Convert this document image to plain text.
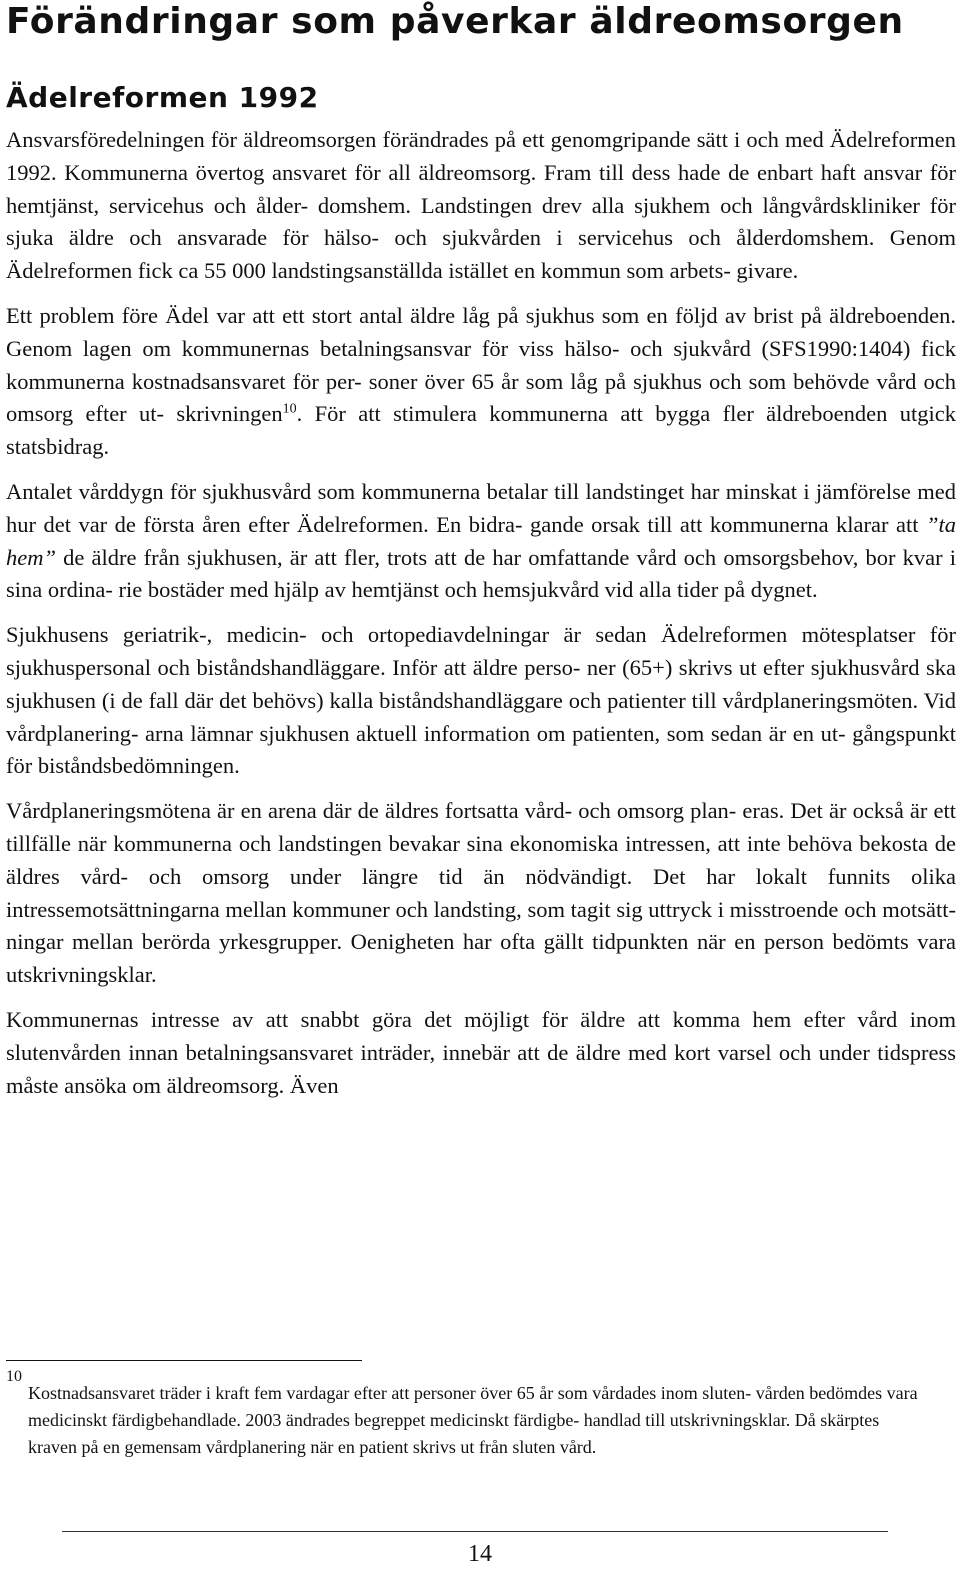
Förändringar som påverkar äldreomsorgen
Ädelreformen 1992

Ansvarsföredelningen för äldreomsorgen förändrades på ett genomgripande sätt i och med Ädelreformen 1992. Kommunerna övertog ansvaret för all äldreomsorg. Fram till dess hade de enbart haft ansvar för hemtjänst, servicehus och ålder- domshem. Landstingen drev alla sjukhem och långvårdskliniker för sjuka äldre och ansvarade för hälso- och sjukvården i servicehus och ålderdomshem. Genom Ädelreformen fick ca 55 000 landstingsanställda istället en kommun som arbets- givare.

Ett problem före Ädel var att ett stort antal äldre låg på sjukhus som en följd av brist på äldreboenden. Genom lagen om kommunernas betalningsansvar för viss hälso- och sjukvård (SFS1990:1404) fick kommunerna kostnadsansvaret för per- soner över 65 år som låg på sjukhus och som behövde vård och omsorg efter ut- skrivningen$^{10}$. För att stimulera kommunerna att bygga fler äldreboenden utgick statsbidrag.

Antalet vårddygn för sjukhusvård som kommunerna betalar till landstinget har minskat i jämförelse med hur det var de första åren efter Ädelreformen. En bidra- gande orsak till att kommunerna klarar att ”ta hem” de äldre från sjukhusen, är att fler, trots att de har omfattande vård och omsorgsbehov, bor kvar i sina ordina- rie bostäder med hjälp av hemtjänst och hemsjukvård vid alla tider på dygnet.

Sjukhusens geriatrik-, medicin- och ortopediavdelningar är sedan Ädelreformen mötesplatser för sjukhuspersonal och biståndshandläggare. Inför att äldre perso- ner (65+) skrivs ut efter sjukhusvård ska sjukhusen (i de fall där det behövs) kalla biståndshandläggare och patienter till vårdplaneringsmöten. Vid vårdplanering- arna lämnar sjukhusen aktuell information om patienten, som sedan är en ut- gångspunkt för biståndsbedömningen.

Vårdplaneringsmötena är en arena där de äldres fortsatta vård- och omsorg plan- eras. Det är också är ett tillfälle när kommunerna och landstingen bevakar sina ekonomiska intressen, att inte behöva bekosta de äldres vård- och omsorg under längre tid än nödvändigt. Det har lokalt funnits olika intressemotsättningarna mellan kommuner och landsting, som tagit sig uttryck i misstroende och motsätt- ningar mellan berörda yrkesgrupper. Oenigheten har ofta gällt tidpunkten när en person bedömts vara utskrivningsklar.

Kommunernas intresse av att snabbt göra det möjligt för äldre att komma hem efter vård inom slutenvården innan betalningsansvaret inträder, innebär att de äldre med kort varsel och under tidspress måste ansöka om äldreomsorg. Även

10

Kostnadsansvaret träder i kraft fem vardagar efter att personer över 65 år som vårdades inom sluten- vården bedömdes vara medicinskt färdigbehandlade. 2003 ändrades begreppet medicinskt färdigbe- handlad till utskrivningsklar. Då skärptes kraven på en gemensam vårdplanering när en patient skrivs ut från sluten vård.

14
